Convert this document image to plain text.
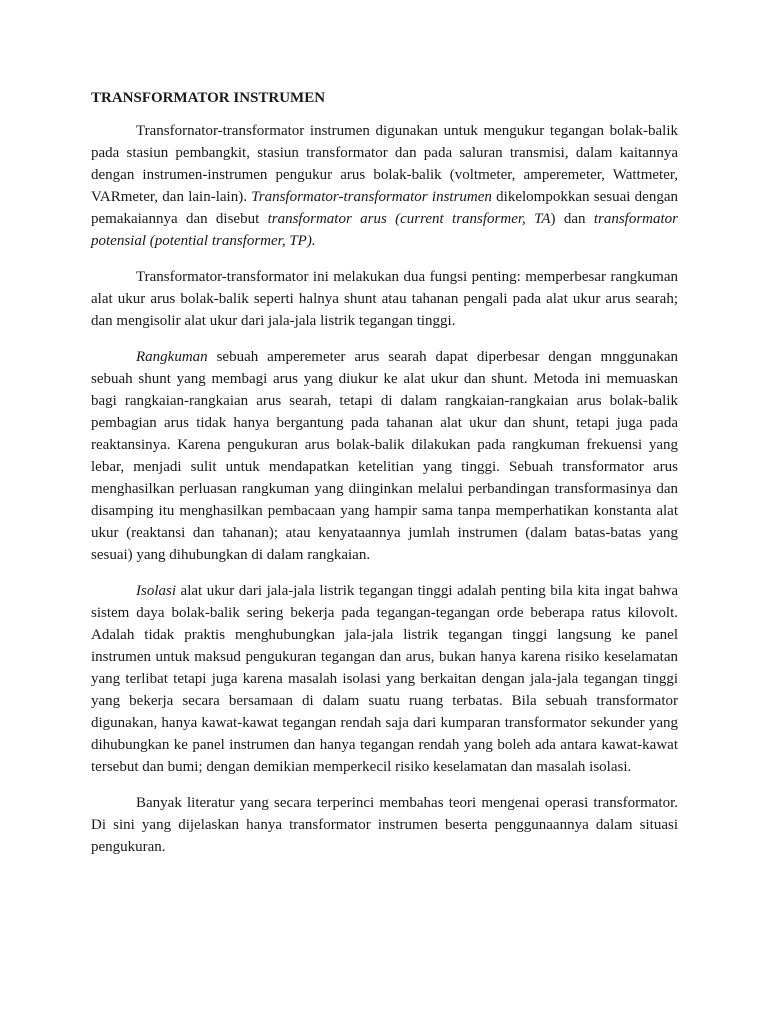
TRANSFORMATOR INSTRUMEN

Transfornator-transformator instrumen digunakan untuk mengukur tegangan bolak-balik pada stasiun pembangkit, stasiun transformator dan pada saluran transmisi, dalam kaitannya dengan instrumen-instrumen pengukur arus bolak-balik (voltmeter, amperemeter, Wattmeter, VARmeter, dan lain-lain). Transformator-transformator instrumen dikelompokkan sesuai dengan pemakaiannya dan disebut transformator arus (current transformer, TA) dan transformator potensial (potential transformer, TP).

Transformator-transformator ini melakukan dua fungsi penting: memperbesar rangkuman alat ukur arus bolak-balik seperti halnya shunt atau tahanan pengali pada alat ukur arus searah; dan mengisolir alat ukur dari jala-jala listrik tegangan tinggi.

Rangkuman sebuah amperemeter arus searah dapat diperbesar dengan mnggunakan sebuah shunt yang membagi arus yang diukur ke alat ukur dan shunt. Metoda ini memuaskan bagi rangkaian-rangkaian arus searah, tetapi di dalam rangkaian-rangkaian arus bolak-balik pembagian arus tidak hanya bergantung pada tahanan alat ukur dan shunt, tetapi juga pada reaktansinya. Karena pengukuran arus bolak-balik dilakukan pada rangkuman frekuensi yang lebar, menjadi sulit untuk mendapatkan ketelitian yang tinggi. Sebuah transformator arus menghasilkan perluasan rangkuman yang diinginkan melalui perbandingan transformasinya dan disamping itu menghasilkan pembacaan yang hampir sama tanpa memperhatikan konstanta alat ukur (reaktansi dan tahanan); atau kenyataannya jumlah instrumen (dalam batas-batas yang sesuai) yang dihubungkan di dalam rangkaian.

Isolasi alat ukur dari jala-jala listrik tegangan tinggi adalah penting bila kita ingat bahwa sistem daya bolak-balik sering bekerja pada tegangan-tegangan orde beberapa ratus kilovolt. Adalah tidak praktis menghubungkan jala-jala listrik tegangan tinggi langsung ke panel instrumen untuk maksud pengukuran tegangan dan arus, bukan hanya karena risiko keselamatan yang terlibat tetapi juga karena masalah isolasi yang berkaitan dengan jala-jala tegangan tinggi yang bekerja secara bersamaan di dalam suatu ruang terbatas. Bila sebuah transformator digunakan, hanya kawat-kawat tegangan rendah saja dari kumparan transformator sekunder yang dihubungkan ke panel instrumen dan hanya tegangan rendah yang boleh ada antara kawat-kawat tersebut dan bumi; dengan demikian memperkecil risiko keselamatan dan masalah isolasi.

Banyak literatur yang secara terperinci membahas teori mengenai operasi transformator. Di sini yang dijelaskan hanya transformator instrumen beserta penggunaannya dalam situasi pengukuran.
